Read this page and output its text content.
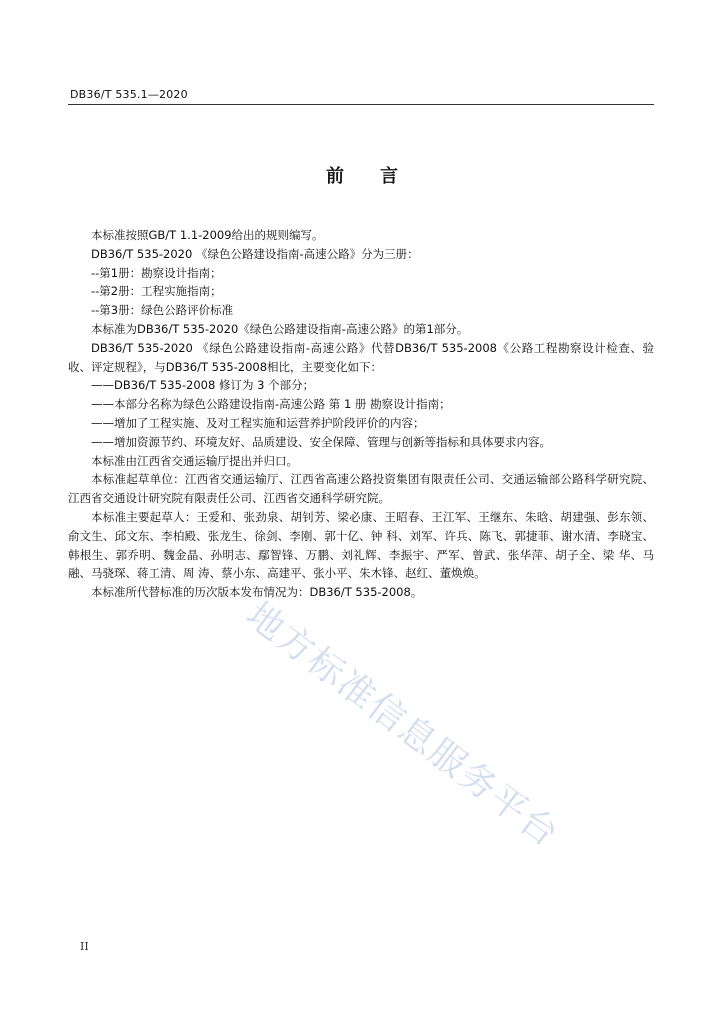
DB36/T 535.1—2020
前言

本标准按照GB/T 1.1-2009给出的规则编写。

DB36/T 535-2020 《绿色公路建设指南-高速公路》分为三册：

--第1册：勘察设计指南；

--第2册：工程实施指南；

--第3册：绿色公路评价标准

本标准为DB36/T 535-2020《绿色公路建设指南-高速公路》的第1部分。

DB36/T 535-2020 《绿色公路建设指南-高速公路》代替DB36/T 535-2008《公路工程勘察设计检查、验收、评定规程》，与DB36/T 535-2008相比，主要变化如下：

——DB36/T 535-2008 修订为 3 个部分；

——本部分名称为绿色公路建设指南-高速公路 第 1 册 勘察设计指南；

——增加了工程实施、及对工程实施和运营养护阶段评价的内容；

——增加资源节约、环境友好、品质建设、安全保障、管理与创新等指标和具体要求内容。

本标准由江西省交通运输厅提出并归口。

本标准起草单位：江西省交通运输厅、江西省高速公路投资集团有限责任公司、交通运输部公路科学研究院、江西省交通设计研究院有限责任公司、江西省交通科学研究院。

本标准主要起草人：王爱和、张劲泉、胡钊芳、梁必康、王昭春、王江军、王继东、朱晗、胡建强、彭东领、俞文生、邱文东、李柏殿、张龙生、徐剑、李刚、郭十亿、钟 科、刘军、许兵、陈飞、郭捷菲、谢水清、李晓宝、韩根生、郭乔明、魏金晶、孙明志、鄢智锋、万鹏、刘礼辉、李振宇、严军、曾武、张华萍、胡子全、梁 华、马 融、马骁琛、蒋工清、周 涛、蔡小东、高建平、张小平、朱木锋、赵红、董焕焕。

本标准所代替标准的历次版本发布情况为：DB36/T 535-2008。

地方标准信息服务平台
II
